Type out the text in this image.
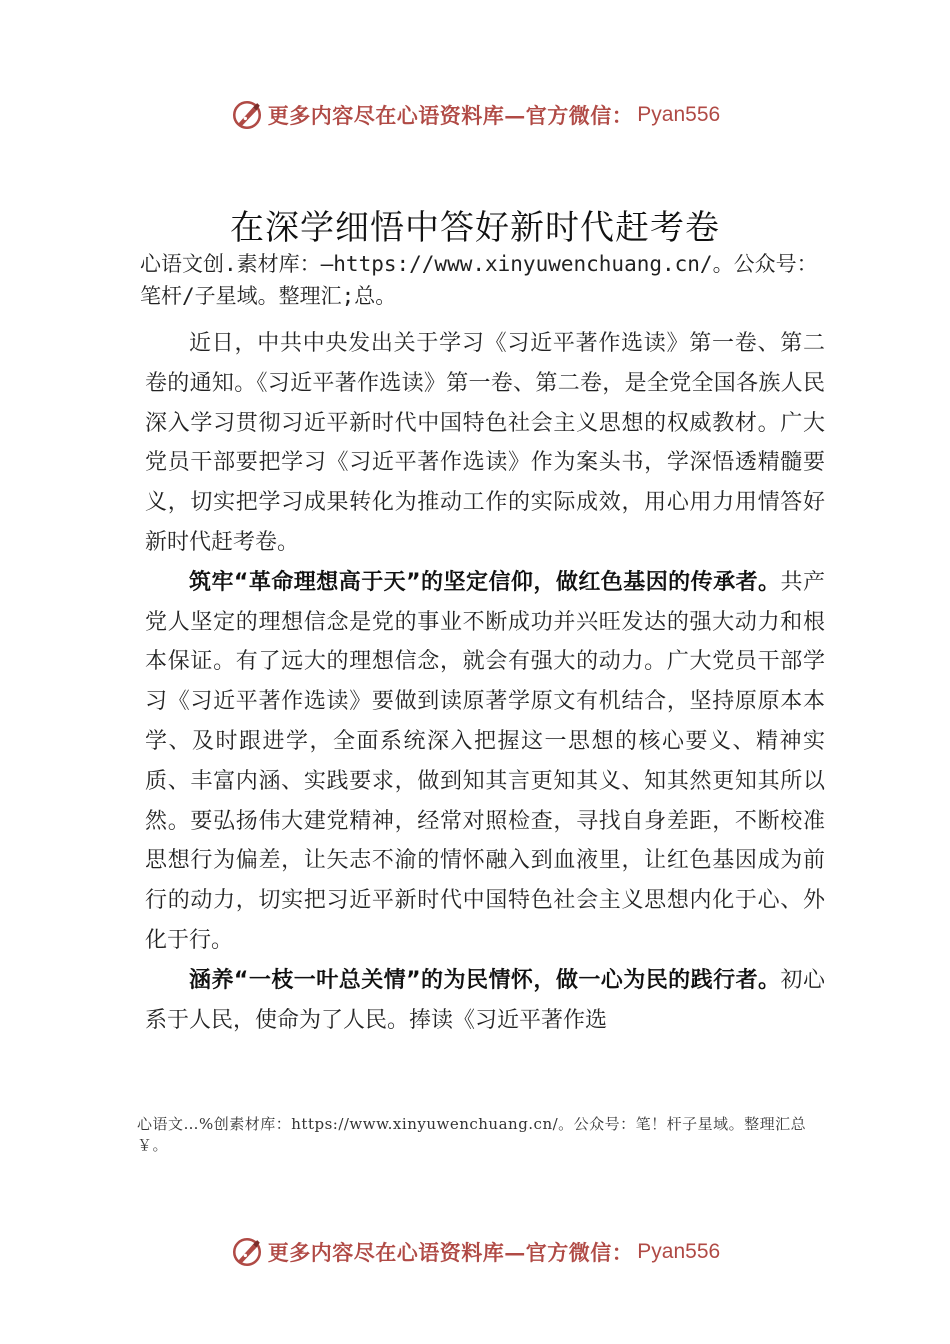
更多内容尽在心语资料库—官方微信： Pyan556
在深学细悟中答好新时代赶考卷
心语文创.素材库：—https://www.xinyuwenchuang.cn/。公众号：笔杆/子星域。整理汇;总。

近日，中共中央发出关于学习《习近平著作选读》第一卷、第二卷的通知。《习近平著作选读》第一卷、第二卷，是全党全国各族人民深入学习贯彻习近平新时代中国特色社会主义思想的权威教材。广大党员干部要把学习《习近平著作选读》作为案头书，学深悟透精髓要义，切实把学习成果转化为推动工作的实际成效，用心用力用情答好新时代赶考卷。

筑牢“革命理想高于天”的坚定信仰，做红色基因的传承者。共产党人坚定的理想信念是党的事业不断成功并兴旺发达的强大动力和根本保证。有了远大的理想信念，就会有强大的动力。广大党员干部学习《习近平著作选读》要做到读原著学原文有机结合，坚持原原本本学、及时跟进学，全面系统深入把握这一思想的核心要义、精神实质、丰富内涵、实践要求，做到知其言更知其义、知其然更知其所以然。要弘扬伟大建党精神，经常对照检查，寻找自身差距，不断校准思想行为偏差，让矢志不渝的情怀融入到血液里，让红色基因成为前行的动力，切实把习近平新时代中国特色社会主义思想内化于心、外化于行。

涵养“一枝一叶总关情”的为民情怀，做一心为民的践行者。初心系于人民，使命为了人民。捧读《习近平著作选

心语文…%创素材库：https://www.xinyuwenchuang.cn/。公众号：笔！杆子星域。整理汇总￥。
更多内容尽在心语资料库—官方微信： Pyan556
